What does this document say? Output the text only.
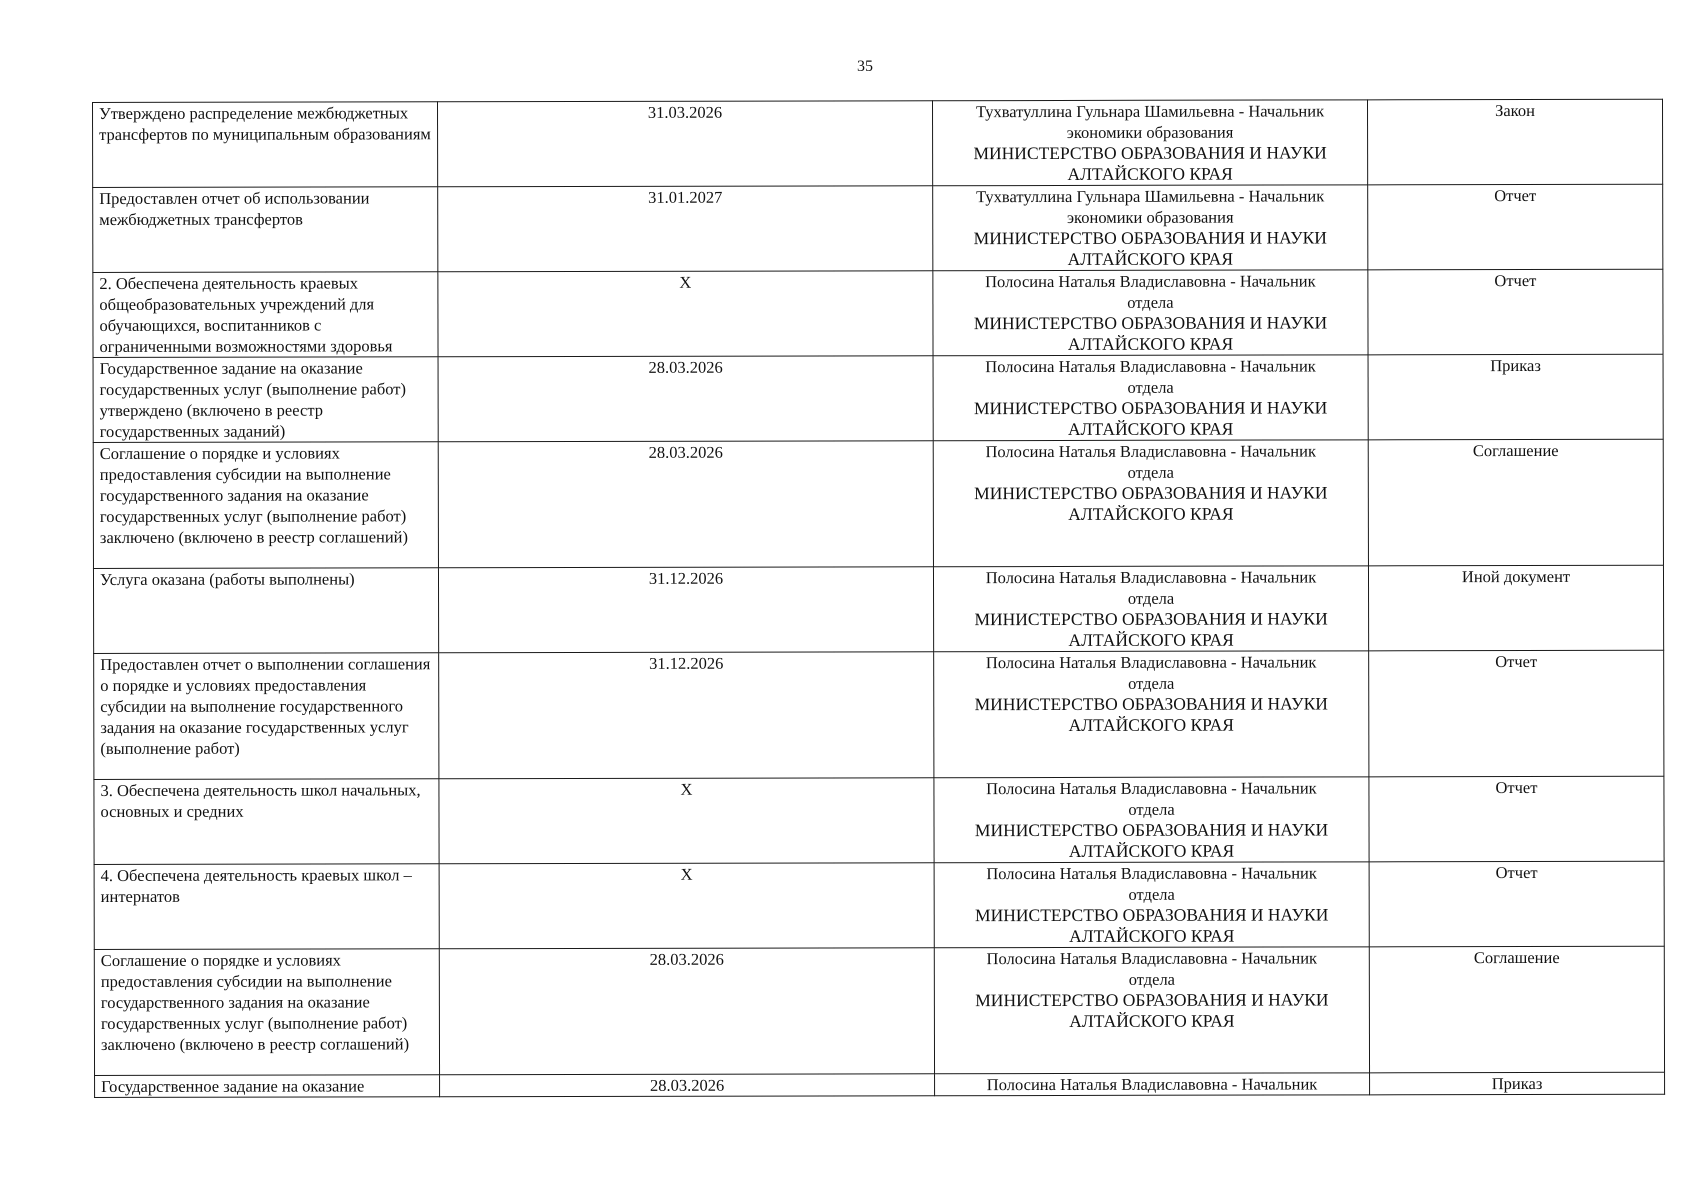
35
Утверждено распределение межбюджетных трансфертов по муниципальным образованиям	31.03.2026	Тухватуллина Гульнара Шамильевна - Начальник
экономики образования
МИНИСТЕРСТВО ОБРАЗОВАНИЯ И НАУКИ АЛТАЙСКОГО КРАЯ	Закон
Предоставлен отчет об использовании межбюджетных трансфертов	31.01.2027	Тухватуллина Гульнара Шамильевна - Начальник
экономики образования
МИНИСТЕРСТВО ОБРАЗОВАНИЯ И НАУКИ АЛТАЙСКОГО КРАЯ	Отчет
2. Обеспечена деятельность краевых общеобразовательных учреждений для обучающихся, воспитанников с ограниченными возможностями здоровья	X	Полосина Наталья Владиславовна - Начальник
отдела
МИНИСТЕРСТВО ОБРАЗОВАНИЯ И НАУКИ АЛТАЙСКОГО КРАЯ	Отчет
Государственное задание на оказание государственных услуг (выполнение работ) утверждено (включено в реестр государственных заданий)	28.03.2026	Полосина Наталья Владиславовна - Начальник
отдела
МИНИСТЕРСТВО ОБРАЗОВАНИЯ И НАУКИ АЛТАЙСКОГО КРАЯ	Приказ
Соглашение о порядке и условиях предоставления субсидии на выполнение государственного задания на оказание государственных услуг (выполнение работ) заключено (включено в реестр соглашений)	28.03.2026	Полосина Наталья Владиславовна - Начальник
отдела
МИНИСТЕРСТВО ОБРАЗОВАНИЯ И НАУКИ АЛТАЙСКОГО КРАЯ	Соглашение
Услуга оказана (работы выполнены)	31.12.2026	Полосина Наталья Владиславовна - Начальник
отдела
МИНИСТЕРСТВО ОБРАЗОВАНИЯ И НАУКИ АЛТАЙСКОГО КРАЯ	Иной документ
Предоставлен отчет о выполнении соглашения о порядке и условиях предоставления субсидии на выполнение государственного задания на оказание государственных услуг (выполнение работ)	31.12.2026	Полосина Наталья Владиславовна - Начальник
отдела
МИНИСТЕРСТВО ОБРАЗОВАНИЯ И НАУКИ АЛТАЙСКОГО КРАЯ	Отчет
3. Обеспечена деятельность школ начальных, основных и средних	X	Полосина Наталья Владиславовна - Начальник
отдела
МИНИСТЕРСТВО ОБРАЗОВАНИЯ И НАУКИ АЛТАЙСКОГО КРАЯ	Отчет
4. Обеспечена деятельность краевых школ – интернатов	X	Полосина Наталья Владиславовна - Начальник
отдела
МИНИСТЕРСТВО ОБРАЗОВАНИЯ И НАУКИ АЛТАЙСКОГО КРАЯ	Отчет
Соглашение о порядке и условиях предоставления субсидии на выполнение государственного задания на оказание государственных услуг (выполнение работ) заключено (включено в реестр соглашений)	28.03.2026	Полосина Наталья Владиславовна - Начальник
отдела
МИНИСТЕРСТВО ОБРАЗОВАНИЯ И НАУКИ АЛТАЙСКОГО КРАЯ	Соглашение
Государственное задание на оказание	28.03.2026	Полосина Наталья Владиславовна - Начальник	Приказ
